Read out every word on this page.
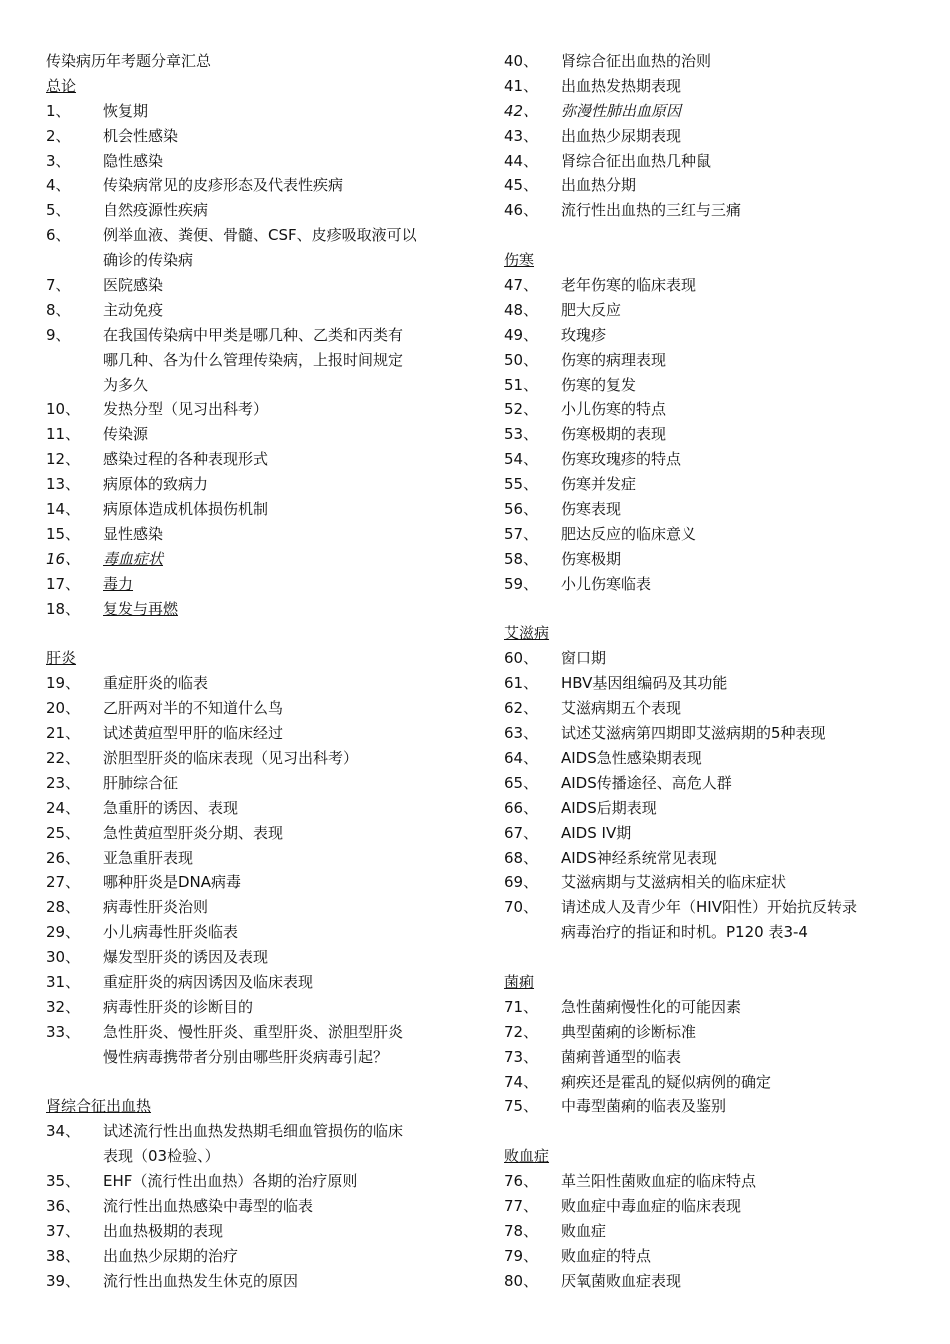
传染病历年考题分章汇总
总论
1、	恢复期
2、	机会性感染
3、	隐性感染
4、	传染病常见的皮疹形态及代表性疾病
5、	自然疫源性疾病
6、	例举血液、粪便、骨髓、CSF、皮疹吸取液可以
确诊的传染病
7、	医院感染
8、	主动免疫
9、	在我国传染病中甲类是哪几种、乙类和丙类有
哪几种、各为什么管理传染病，上报时间规定
为多久
10、	发热分型（见习出科考）
11、	传染源
12、	感染过程的各种表现形式
13、	病原体的致病力
14、	病原体造成机体损伤机制
15、	显性感染
16、	毒血症状
17、	毒力
18、	复发与再燃
肝炎
19、	重症肝炎的临表
20、	乙肝两对半的不知道什么鸟
21、	试述黄疸型甲肝的临床经过
22、	淤胆型肝炎的临床表现（见习出科考）
23、	肝肺综合征
24、	急重肝的诱因、表现
25、	急性黄疸型肝炎分期、表现
26、	亚急重肝表现
27、	哪种肝炎是DNA病毒
28、	病毒性肝炎治则
29、	小儿病毒性肝炎临表
30、	爆发型肝炎的诱因及表现
31、	重症肝炎的病因诱因及临床表现
32、	病毒性肝炎的诊断目的
33、	急性肝炎、慢性肝炎、重型肝炎、淤胆型肝炎
慢性病毒携带者分别由哪些肝炎病毒引起？
肾综合征出血热
34、	试述流行性出血热发热期毛细血管损伤的临床
表现（03检验、）
35、	EHF（流行性出血热）各期的治疗原则
36、	流行性出血热感染中毒型的临表
37、	出血热极期的表现
38、	出血热少尿期的治疗
39、	流行性出血热发生休克的原因
40、	肾综合征出血热的治则
41、	出血热发热期表现
42、	弥漫性肺出血原因
43、	出血热少尿期表现
44、	肾综合征出血热几种鼠
45、	出血热分期
46、	流行性出血热的三红与三痛
伤寒
47、	老年伤寒的临床表现
48、	肥大反应
49、	玫瑰疹
50、	伤寒的病理表现
51、	伤寒的复发
52、	小儿伤寒的特点
53、	伤寒极期的表现
54、	伤寒玫瑰疹的特点
55、	伤寒并发症
56、	伤寒表现
57、	肥达反应的临床意义
58、	伤寒极期
59、	小儿伤寒临表
艾滋病
60、	窗口期
61、	HBV基因组编码及其功能
62、	艾滋病期五个表现
63、	试述艾滋病第四期即艾滋病期的5种表现
64、	AIDS急性感染期表现
65、	AIDS传播途径、高危人群
66、	AIDS后期表现
67、	AIDS IV期
68、	AIDS神经系统常见表现
69、	艾滋病期与艾滋病相关的临床症状
70、	请述成人及青少年（HIV阳性）开始抗反转录
病毒治疗的指证和时机。P120 表3-4
菌痢
71、	急性菌痢慢性化的可能因素
72、	典型菌痢的诊断标准
73、	菌痢普通型的临表
74、	痢疾还是霍乱的疑似病例的确定
75、	中毒型菌痢的临表及鉴别
败血症
76、	革兰阳性菌败血症的临床特点
77、	败血症中毒血症的临床表现
78、	败血症
79、	败血症的特点
80、	厌氧菌败血症表现
